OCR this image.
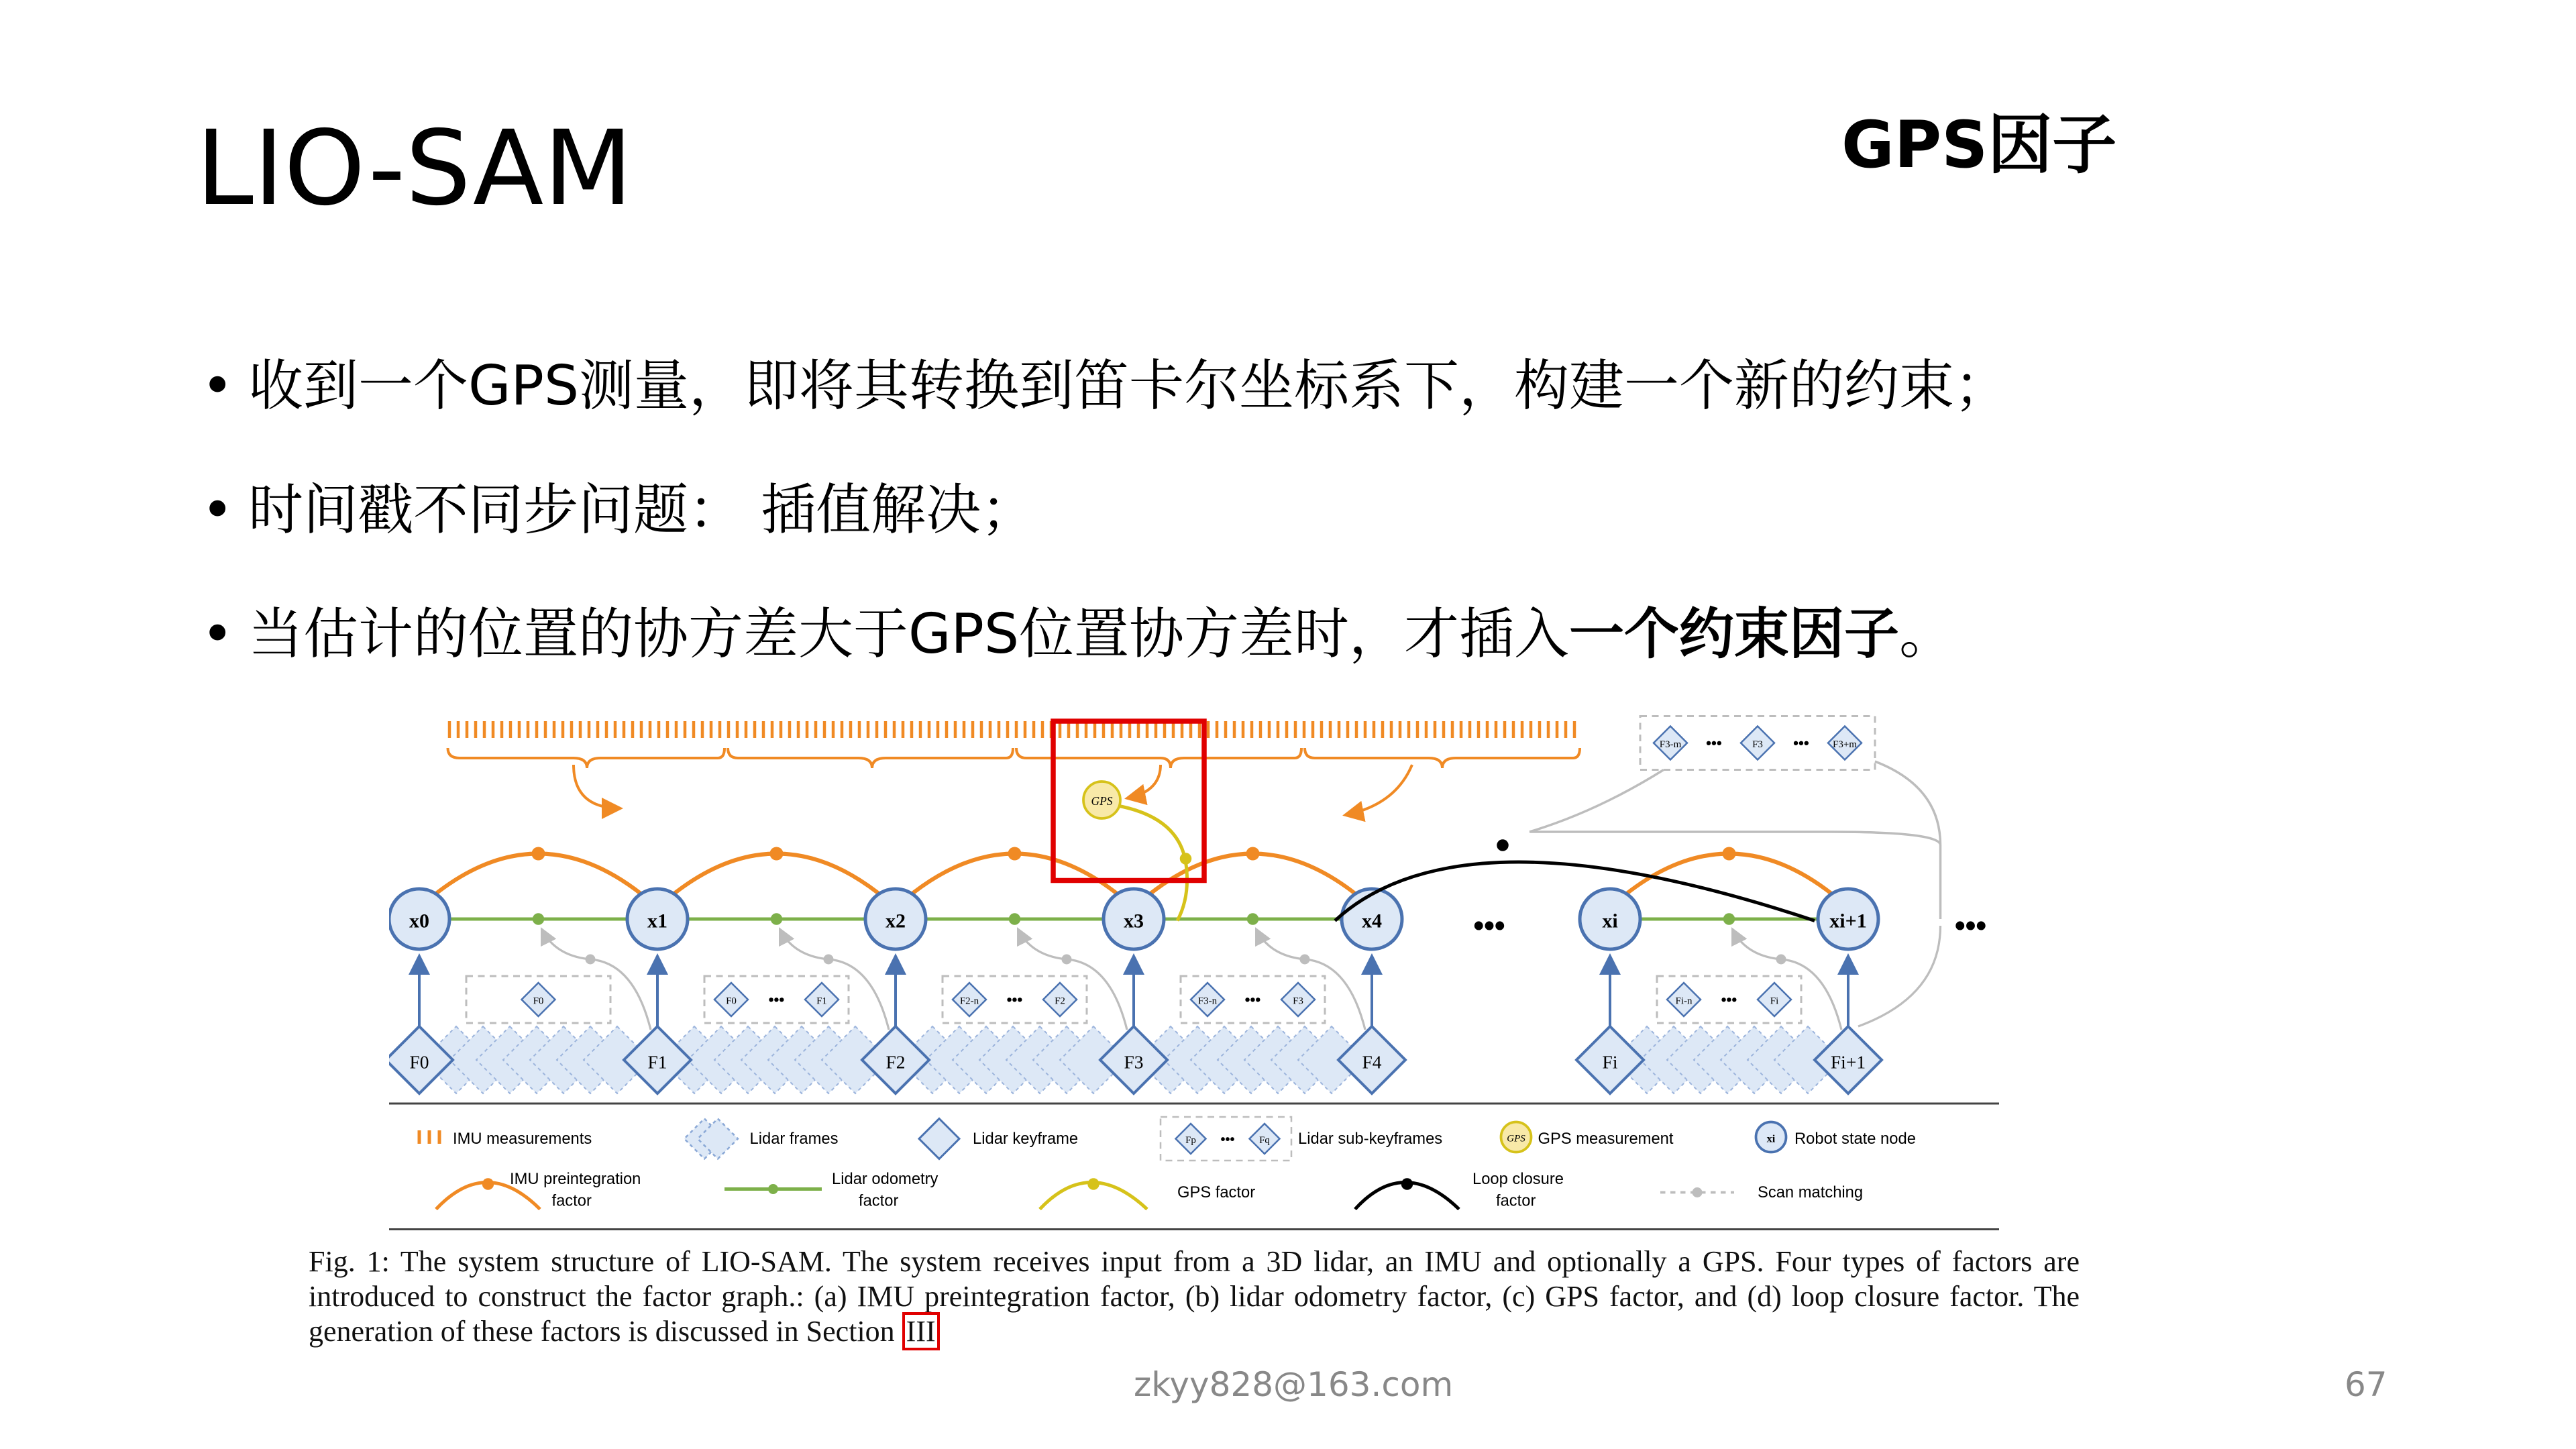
LIO-SAM	GPS因子
• 收到一个GPS测量，即将其转换到笛卡尔坐标系下，构建一个新的约束；
• 时间戳不同步问题： 插值解决；
• 当估计的位置的协方差大于GPS位置协方差时，才插入一个约束因子。
F3-m	•••	F3	•••	F3+m
F0	F0	F1
•••	F2-n	F2
•••	F3-n	F3
•••	Fi-n	Fi
•••
F0	F1	F2	F3	F4	Fi	Fi+1
x0	x1	x2	x3	x4	xi	xi+1
GPS
•••	•••
IMU measurements	Lidar frames	Lidar keyframe	Fp	Fq
•••	Lidar sub-keyframes	GPS GPS measurement	xi	Robot state node
IMU preintegration
factor
Lidar odometry
factor	GPS factor
Loop closure
factor	Scan matching
Fig. 1: The system structure of LIO-SAM. The system receives input from a 3D lidar, an IMU and optionally a GPS. Four types of factors are introduced to construct the factor graph.: (a) IMU preintegration factor, (b) lidar odometry factor, (c) GPS factor, and (d) loop closure factor. The generation of these factors is discussed in Section III
zkyy828@163.com	67
